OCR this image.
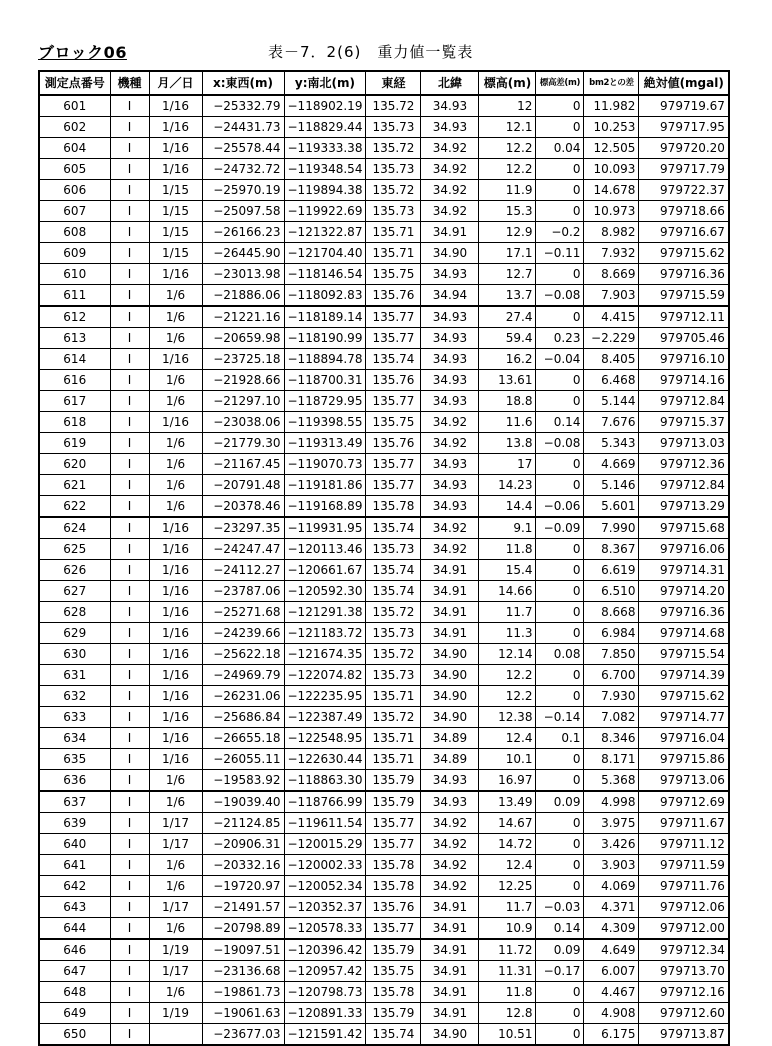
ブロック06	表－7．2(6)　重力値一覧表
測定点番号	機種	月／日	x:東西(m)	y:南北(m)	東経	北緯	標高(m)	標高差(m)	bm2との差	絶対値(mgal)
601	I	1/16	−25332.79	−118902.19	135.72	34.93	12	0	11.982	979719.67
602	I	1/16	−24431.73	−118829.44	135.73	34.93	12.1	0	10.253	979717.95
604	I	1/16	−25578.44	−119333.38	135.72	34.92	12.2	0.04	12.505	979720.20
605	I	1/16	−24732.72	−119348.54	135.73	34.92	12.2	0	10.093	979717.79
606	I	1/15	−25970.19	−119894.38	135.72	34.92	11.9	0	14.678	979722.37
607	I	1/15	−25097.58	−119922.69	135.73	34.92	15.3	0	10.973	979718.66
608	I	1/15	−26166.23	−121322.87	135.71	34.91	12.9	−0.2	8.982	979716.67
609	I	1/15	−26445.90	−121704.40	135.71	34.90	17.1	−0.11	7.932	979715.62
610	I	1/16	−23013.98	−118146.54	135.75	34.93	12.7	0	8.669	979716.36
611	I	1/6	−21886.06	−118092.83	135.76	34.94	13.7	−0.08	7.903	979715.59
612	I	1/6	−21221.16	−118189.14	135.77	34.93	27.4	0	4.415	979712.11
613	I	1/6	−20659.98	−118190.99	135.77	34.93	59.4	0.23	−2.229	979705.46
614	I	1/16	−23725.18	−118894.78	135.74	34.93	16.2	−0.04	8.405	979716.10
616	I	1/6	−21928.66	−118700.31	135.76	34.93	13.61	0	6.468	979714.16
617	I	1/6	−21297.10	−118729.95	135.77	34.93	18.8	0	5.144	979712.84
618	I	1/16	−23038.06	−119398.55	135.75	34.92	11.6	0.14	7.676	979715.37
619	I	1/6	−21779.30	−119313.49	135.76	34.92	13.8	−0.08	5.343	979713.03
620	I	1/6	−21167.45	−119070.73	135.77	34.93	17	0	4.669	979712.36
621	I	1/6	−20791.48	−119181.86	135.77	34.93	14.23	0	5.146	979712.84
622	I	1/6	−20378.46	−119168.89	135.78	34.93	14.4	−0.06	5.601	979713.29
624	I	1/16	−23297.35	−119931.95	135.74	34.92	9.1	−0.09	7.990	979715.68
625	I	1/16	−24247.47	−120113.46	135.73	34.92	11.8	0	8.367	979716.06
626	I	1/16	−24112.27	−120661.67	135.74	34.91	15.4	0	6.619	979714.31
627	I	1/16	−23787.06	−120592.30	135.74	34.91	14.66	0	6.510	979714.20
628	I	1/16	−25271.68	−121291.38	135.72	34.91	11.7	0	8.668	979716.36
629	I	1/16	−24239.66	−121183.72	135.73	34.91	11.3	0	6.984	979714.68
630	I	1/16	−25622.18	−121674.35	135.72	34.90	12.14	0.08	7.850	979715.54
631	I	1/16	−24969.79	−122074.82	135.73	34.90	12.2	0	6.700	979714.39
632	I	1/16	−26231.06	−122235.95	135.71	34.90	12.2	0	7.930	979715.62
633	I	1/16	−25686.84	−122387.49	135.72	34.90	12.38	−0.14	7.082	979714.77
634	I	1/16	−26655.18	−122548.95	135.71	34.89	12.4	0.1	8.346	979716.04
635	I	1/16	−26055.11	−122630.44	135.71	34.89	10.1	0	8.171	979715.86
636	I	1/6	−19583.92	−118863.30	135.79	34.93	16.97	0	5.368	979713.06
637	I	1/6	−19039.40	−118766.99	135.79	34.93	13.49	0.09	4.998	979712.69
639	I	1/17	−21124.85	−119611.54	135.77	34.92	14.67	0	3.975	979711.67
640	I	1/17	−20906.31	−120015.29	135.77	34.92	14.72	0	3.426	979711.12
641	I	1/6	−20332.16	−120002.33	135.78	34.92	12.4	0	3.903	979711.59
642	I	1/6	−19720.97	−120052.34	135.78	34.92	12.25	0	4.069	979711.76
643	I	1/17	−21491.57	−120352.37	135.76	34.91	11.7	−0.03	4.371	979712.06
644	I	1/6	−20798.89	−120578.33	135.77	34.91	10.9	0.14	4.309	979712.00
646	I	1/19	−19097.51	−120396.42	135.79	34.91	11.72	0.09	4.649	979712.34
647	I	1/17	−23136.68	−120957.42	135.75	34.91	11.31	−0.17	6.007	979713.70
648	I	1/6	−19861.73	−120798.73	135.78	34.91	11.8	0	4.467	979712.16
649	I	1/19	−19061.63	−120891.33	135.79	34.91	12.8	0	4.908	979712.60
650	I		−23677.03	−121591.42	135.74	34.90	10.51	0	6.175	979713.87
